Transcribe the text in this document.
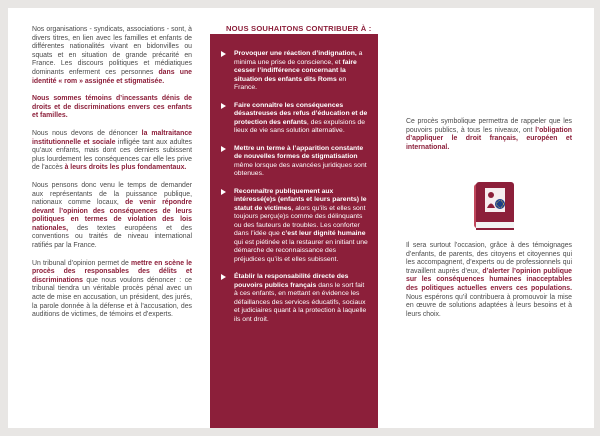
Nos organisations - syndicats, associations - sont, à divers titres, en lien avec les familles et enfants de différentes nationalités vivant en bidonvilles ou squats et en situation de grande précarité en France. Les discours politiques et médiatiques dominants enferment ces personnes dans une identité « rom » assignée et stigmatisée.

Nous sommes témoins d’incessants dénis de droits et de discriminations envers ces enfants et familles.

Nous nous devons de dénoncer la maltraitance institutionnelle et sociale infligée tant aux adultes qu’aux enfants, mais dont ces derniers subissent plus lourdement les conséquences car elle les prive de l’accès à leurs droits les plus fondamentaux.

Nous pensons donc venu le temps de demander aux représentants de la puissance publique, nationaux comme locaux, de venir répondre devant l’opinion des conséquences de leurs politiques en termes de violation des lois nationales, des textes européens et des conventions ou traités de niveau international ratifiés par la France.

Un tribunal d’opinion permet de mettre en scène le procès des responsables des délits et discriminations que nous voulons dénoncer : ce tribunal tiendra un véritable procès pénal avec un acte de mise en accusation, un président, des jurés, la parole donnée à la défense et à l’accusation, des auditions de victimes, de témoins et d’experts.

NOUS SOUHAITONS CONTRIBUER À :
Provoquer une réaction d’indignation, a minima une prise de conscience, et faire cesser l’indifférence concernant la situation des enfants dits Roms en France.
Faire connaître les conséquences désastreuses des refus d’éducation et de protection des enfants, des expulsions de lieux de vie sans solution alternative.
Mettre un terme à l’apparition constante de nouvelles formes de stigmatisation même lorsque des avancées juridiques sont obtenues.
Reconnaître publiquement aux intéressé(e)s (enfants et leurs parents) le statut de victimes, alors qu’ils et elles sont toujours perçu(e)s comme des délinquants ou des fauteurs de troubles. Les conforter dans l’idée que c’est leur dignité humaine qui est piétinée et la restaurer en initiant une démarche de reconnaissance des préjudices qu’ils et elles subissent.
Établir la responsabilité directe des pouvoirs publics français dans le sort fait à ces enfants, en mettant en évidence les défaillances des services éducatifs, sociaux et judiciaires quant à la protection à laquelle ils ont droit.

Ce procès symbolique permettra de rappeler que les pouvoirs publics, à tous les niveaux, ont l’obligation d’appliquer le droit français, européen et international.

Il sera surtout l’occasion, grâce à des témoignages d’enfants, de parents, des citoyens et citoyennes qui les accompagnent, d’experts ou de professionnels qui travaillent auprès d’eux, d’alerter l’opinion publique sur les conséquences humaines inacceptables des politiques actuelles envers ces populations. Nous espérons qu’il contribuera à promouvoir la mise en œuvre de solutions adaptées à leurs besoins et à leurs choix.
